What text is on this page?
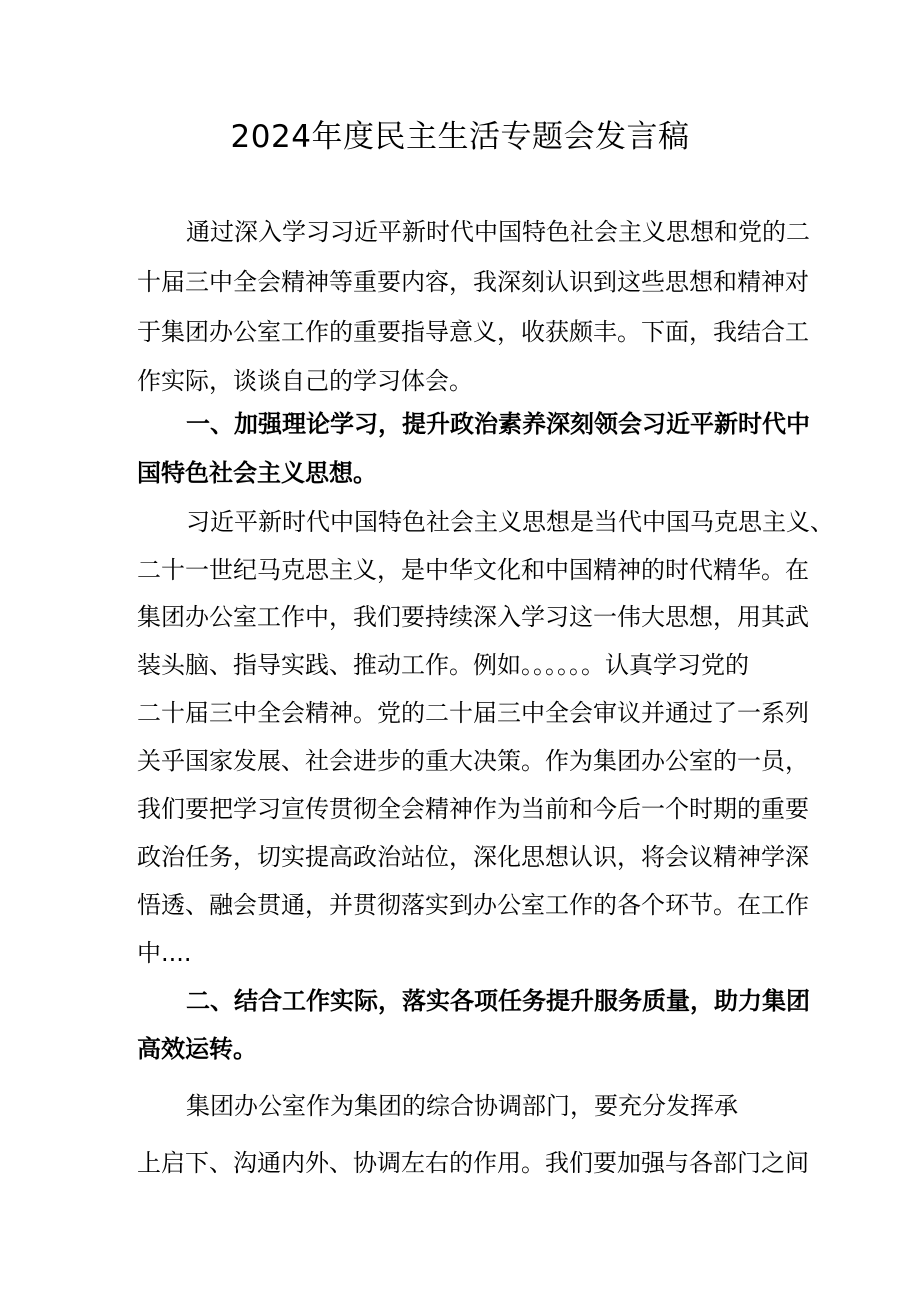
2024年度民主生活专题会发言稿
通过深入学习习近平新时代中国特色社会主义思想和党的二
十届三中全会精神等重要内容，我深刻认识到这些思想和精神对
于集团办公室工作的重要指导意义，收获颇丰。下面，我结合工
作实际，谈谈自己的学习体会。
一、加强理论学习，提升政治素养深刻领会习近平新时代中
国特色社会主义思想。
习近平新时代中国特色社会主义思想是当代中国马克思主义、
二十一世纪马克思主义，是中华文化和中国精神的时代精华。在
集团办公室工作中，我们要持续深入学习这一伟大思想，用其武
装头脑、指导实践、推动工作。例如。。。。。。认真学习党的
二十届三中全会精神。党的二十届三中全会审议并通过了一系列
关乎国家发展、社会进步的重大决策。作为集团办公室的一员，
我们要把学习宣传贯彻全会精神作为当前和今后一个时期的重要
政治任务，切实提高政治站位，深化思想认识，将会议精神学深
悟透、融会贯通，并贯彻落实到办公室工作的各个环节。在工作
中....
二、结合工作实际，落实各项任务提升服务质量，助力集团
高效运转。
集团办公室作为集团的综合协调部门，要充分发挥承
上启下、沟通内外、协调左右的作用。我们要加强与各部门之间
